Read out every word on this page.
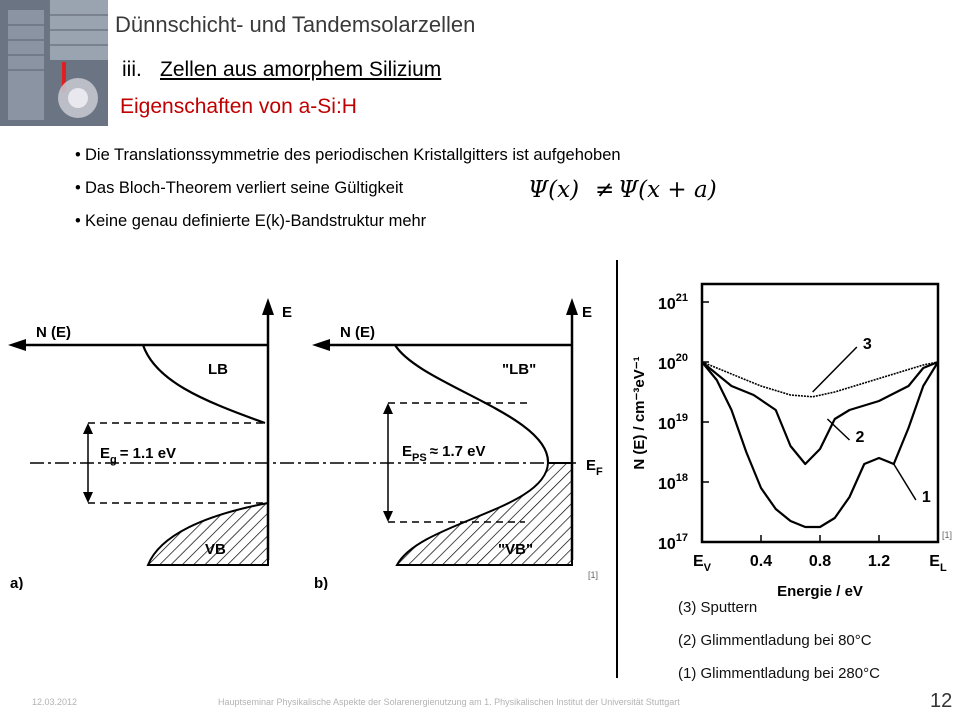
Dünnschicht- und Tandemsolarzellen
iii. Zellen aus amorphem Silizium
Eigenschaften von a-Si:H
• Die Translationssymmetrie des periodischen Kristallgitters ist aufgehoben
• Das Bloch-Theorem verliert seine Gültigkeit
• Keine genau definierte E(k)-Bandstruktur mehr
Ψ(x) ≠ Ψ(x + a)
N (E)
E
LB
VB
$E_g = 1.1$ eV
a)
N (E)
E
"LB"
"VB"
$E_{PS} \approx 1.7$ eV
$E_F$
b)	[1]
$10^{21}$
$10^{20}$
$10^{19}$
$10^{18}$
$10^{17}$
$E_V$ 0.4 0.8 1.2 $E_L$
3
2
1
N (E) / cm⁻³eV⁻¹
Energie / eV
[1]
(3) Sputtern
(2) Glimmentladung bei 80°C
(1) Glimmentladung bei 280°C
12.03.2012	Hauptseminar Physikalische Aspekte der Solarenergienutzung am 1. Physikalischen Institut der Universität Stuttgart	12
